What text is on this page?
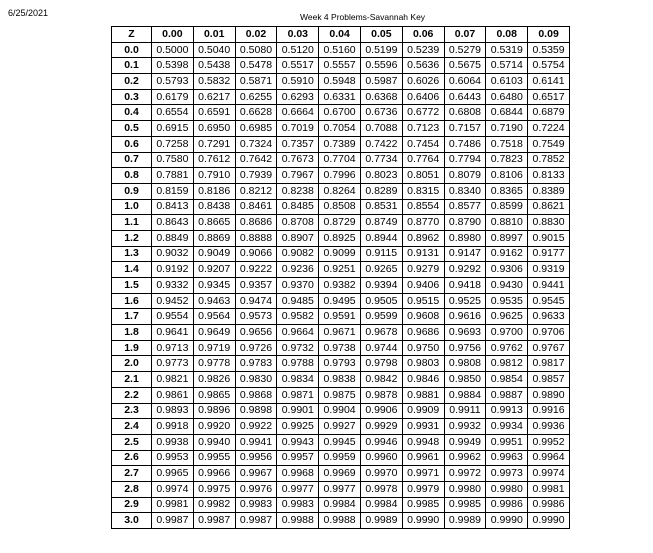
6/25/2021	Week 4 Problems-Savannah Key
Z	0.00	0.01	0.02	0.03	0.04	0.05	0.06	0.07	0.08	0.09
0.0	0.5000	0.5040	0.5080	0.5120	0.5160	0.5199	0.5239	0.5279	0.5319	0.5359
0.1	0.5398	0.5438	0.5478	0.5517	0.5557	0.5596	0.5636	0.5675	0.5714	0.5754
0.2	0.5793	0.5832	0.5871	0.5910	0.5948	0.5987	0.6026	0.6064	0.6103	0.6141
0.3	0.6179	0.6217	0.6255	0.6293	0.6331	0.6368	0.6406	0.6443	0.6480	0.6517
0.4	0.6554	0.6591	0.6628	0.6664	0.6700	0.6736	0.6772	0.6808	0.6844	0.6879
0.5	0.6915	0.6950	0.6985	0.7019	0.7054	0.7088	0.7123	0.7157	0.7190	0.7224
0.6	0.7258	0.7291	0.7324	0.7357	0.7389	0.7422	0.7454	0.7486	0.7518	0.7549
0.7	0.7580	0.7612	0.7642	0.7673	0.7704	0.7734	0.7764	0.7794	0.7823	0.7852
0.8	0.7881	0.7910	0.7939	0.7967	0.7996	0.8023	0.8051	0.8079	0.8106	0.8133
0.9	0.8159	0.8186	0.8212	0.8238	0.8264	0.8289	0.8315	0.8340	0.8365	0.8389
1.0	0.8413	0.8438	0.8461	0.8485	0.8508	0.8531	0.8554	0.8577	0.8599	0.8621
1.1	0.8643	0.8665	0.8686	0.8708	0.8729	0.8749	0.8770	0.8790	0.8810	0.8830
1.2	0.8849	0.8869	0.8888	0.8907	0.8925	0.8944	0.8962	0.8980	0.8997	0.9015
1.3	0.9032	0.9049	0.9066	0.9082	0.9099	0.9115	0.9131	0.9147	0.9162	0.9177
1.4	0.9192	0.9207	0.9222	0.9236	0.9251	0.9265	0.9279	0.9292	0.9306	0.9319
1.5	0.9332	0.9345	0.9357	0.9370	0.9382	0.9394	0.9406	0.9418	0.9430	0.9441
1.6	0.9452	0.9463	0.9474	0.9485	0.9495	0.9505	0.9515	0.9525	0.9535	0.9545
1.7	0.9554	0.9564	0.9573	0.9582	0.9591	0.9599	0.9608	0.9616	0.9625	0.9633
1.8	0.9641	0.9649	0.9656	0.9664	0.9671	0.9678	0.9686	0.9693	0.9700	0.9706
1.9	0.9713	0.9719	0.9726	0.9732	0.9738	0.9744	0.9750	0.9756	0.9762	0.9767
2.0	0.9773	0.9778	0.9783	0.9788	0.9793	0.9798	0.9803	0.9808	0.9812	0.9817
2.1	0.9821	0.9826	0.9830	0.9834	0.9838	0.9842	0.9846	0.9850	0.9854	0.9857
2.2	0.9861	0.9865	0.9868	0.9871	0.9875	0.9878	0.9881	0.9884	0.9887	0.9890
2.3	0.9893	0.9896	0.9898	0.9901	0.9904	0.9906	0.9909	0.9911	0.9913	0.9916
2.4	0.9918	0.9920	0.9922	0.9925	0.9927	0.9929	0.9931	0.9932	0.9934	0.9936
2.5	0.9938	0.9940	0.9941	0.9943	0.9945	0.9946	0.9948	0.9949	0.9951	0.9952
2.6	0.9953	0.9955	0.9956	0.9957	0.9959	0.9960	0.9961	0.9962	0.9963	0.9964
2.7	0.9965	0.9966	0.9967	0.9968	0.9969	0.9970	0.9971	0.9972	0.9973	0.9974
2.8	0.9974	0.9975	0.9976	0.9977	0.9977	0.9978	0.9979	0.9980	0.9980	0.9981
2.9	0.9981	0.9982	0.9983	0.9983	0.9984	0.9984	0.9985	0.9985	0.9986	0.9986
3.0	0.9987	0.9987	0.9987	0.9988	0.9988	0.9989	0.9990	0.9989	0.9990	0.9990
